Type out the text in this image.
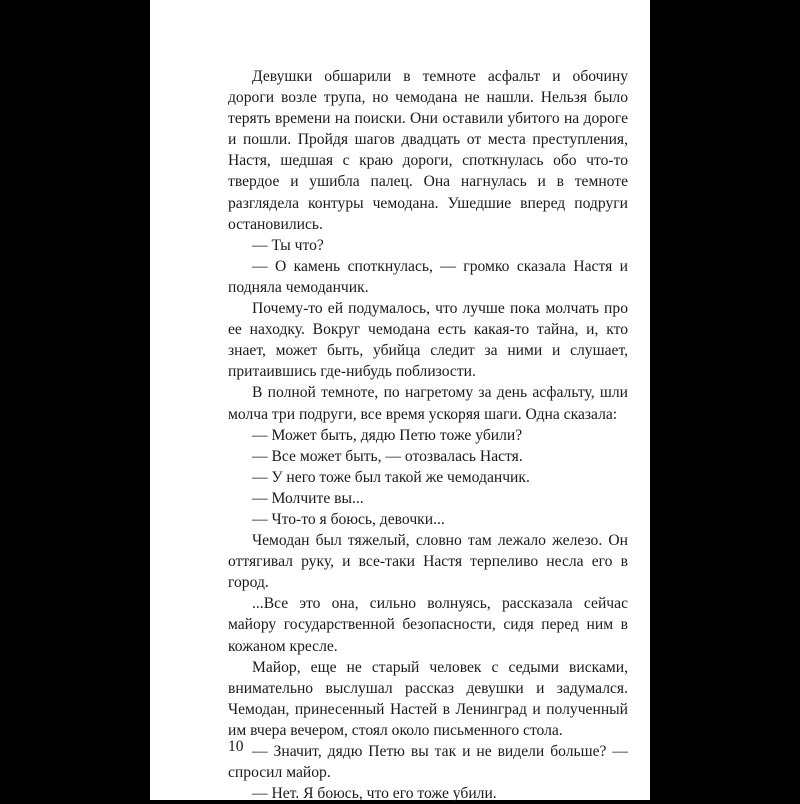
Девушки обшарили в темноте асфальт и обочину дороги возле трупа, но чемодана не нашли. Нельзя было терять времени на поиски. Они оставили убитого на дороге и пошли. Пройдя шагов двадцать от места преступления, Настя, шедшая с краю дороги, споткнулась обо что-то твердое и ушибла палец. Она нагнулась и в темноте разглядела контуры чемодана. Ушедшие вперед подруги остановились.

— Ты что?

— О камень споткнулась, — громко сказала Настя и подняла чемоданчик.

Почему-то ей подумалось, что лучше пока молчать про ее находку. Вокруг чемодана есть какая-то тайна, и, кто знает, может быть, убийца следит за ними и слушает, притаившись где-нибудь поблизости.

В полной темноте, по нагретому за день асфальту, шли молча три подруги, все время ускоряя шаги. Одна сказала:

— Может быть, дядю Петю тоже убили?

— Все может быть, — отозвалась Настя.

— У него тоже был такой же чемоданчик.

— Молчите вы...

— Что-то я боюсь, девочки...

Чемодан был тяжелый, словно там лежало железо. Он оттягивал руку, и все-таки Настя терпеливо несла его в город.

...Все это она, сильно волнуясь, рассказала сейчас майору государственной безопасности, сидя перед ним в кожаном кресле.

Майор, еще не старый человек с седыми висками, внимательно выслушал рассказ девушки и задумался. Чемодан, принесенный Настей в Ленинград и полученный им вчера вечером, стоял около письменного стола.

— Значит, дядю Петю вы так и не видели больше? — спросил майор.

— Нет. Я боюсь, что его тоже убили.

10
